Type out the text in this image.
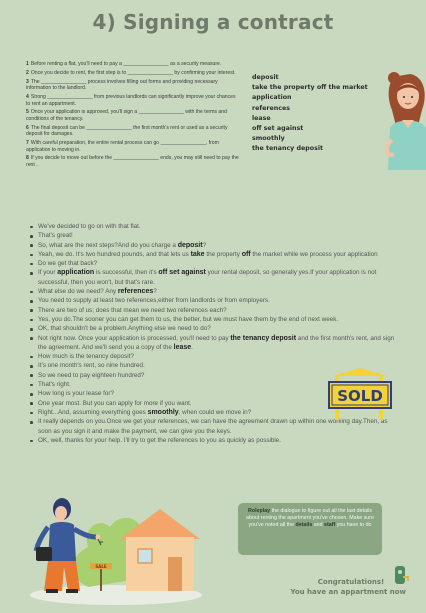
4) Signing a contract

1 Before renting a flat, you'll need to pay a ________________ as a security measure.

2 Once you decide to rent, the first step is to ________________ by confirming your interest.

3 The ________________ process involves filling out forms and providing necessary information to the landlord.

4 Strong ________________ from previous landlords can significantly improve your chances to rent an appartment.

5 Once your application is approved, you'll sign a ________________ with the terms and conditions of the tenancy.

6 The final deposit can be ________________ the first month's rent or used as a security deposit for damages.

7 With careful preparation, the entire rental process can go ________________, from application to moving in.

8 If you decide to move out before the ________________ ends, you may still need to pay the rent .

deposit
take the property off the market
application
references
lease
off set against
smoothly
the tenancy deposit
We've decided to go on with that flat.
That's great!
So, what are the next steps?And do you charge a deposit?
Yeah, we do. It's two hundred pounds, and that lets us take the property off the market while we process your application
Do we get that back?
If your application is successful, then it's off set against your rental deposit, so generally yes.If your application is not successful, then you won't, but that's rare.
What else do we need? Any references?
You need to supply at least two references,either from landlords or from employers.
There are two of us; does that mean we need two references each?
Yes, you do.The sooner you can get them to us, the better, but we must have them by the end of next week.
OK, that shouldn't be a problem.Anything else we need to do?
Not right now. Once your application is processed, you'll need to pay the tenancy deposit and the first month's rent, and sign the agreement. And we'll send you a copy of the lease.
How much is the tenancy deposit?
It's one month's rent, so nine hundred.
So we need to pay eighteen hundred?
That's right.
How long is your lease for?
One year most. But you can apply for more if you want.
Right...And, assuming everything goes smoothly, when could we move in?
It really depends on you.Once we get your references, we can have the agreement drawn up within one working day.Then, as soon as you sign it and make the payment, we can give you the keys.
OK, well, thanks for your help. I'll try to get the references to you as quickly as possible.
SOLD
SALE
Roleplay the dialogue to figure out all the last details about renting the apartment you've chosen. Make sure you've noted all the details and staff you have to do
Congratulations!
You have an appartment now
